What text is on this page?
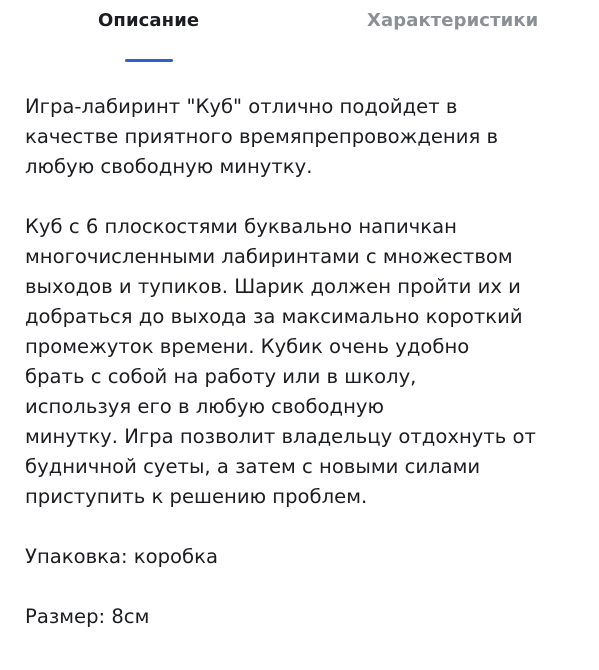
Описание	Характеристики

Игра-лабиринт "Куб" отлично подойдет в
качестве приятного времяпрепровождения в
любую свободную минутку.

Куб с 6 плоскостями буквально напичкан
многочисленными лабиринтами с множеством
выходов и тупиков. Шарик должен пройти их и
добраться до выхода за максимально короткий
промежуток времени. Кубик очень удобно
брать с собой на работу или в школу,
используя его в любую свободную
минутку. Игра позволит владельцу отдохнуть от
будничной суеты, а затем с новыми силами
приступить к решению проблем.

Упаковка: коробка

Размер: 8см
